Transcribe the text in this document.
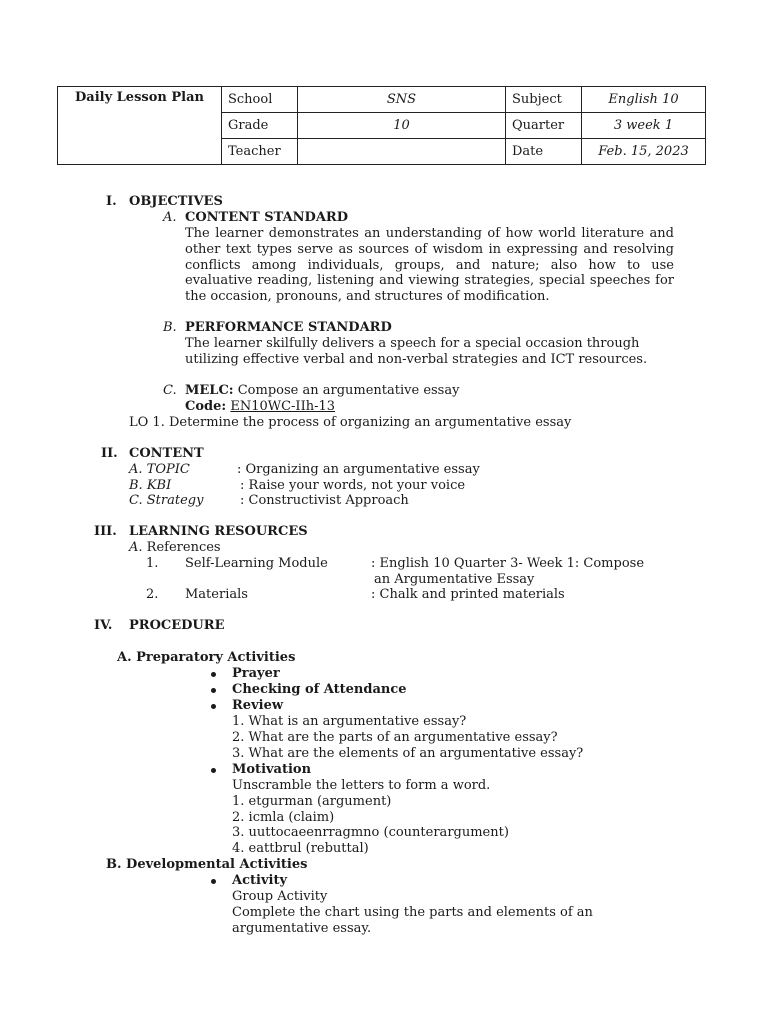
Daily Lesson Plan	School	SNS	Subject	English 10
	Grade	10	Quarter	3 week 1
	Teacher		Date	Feb. 15, 2023
I. OBJECTIVES
A. CONTENT STANDARD
The learner demonstrates an understanding of how world literature and other text types serve as sources of wisdom in expressing and resolving conflicts among individuals, groups, and nature; also how to use evaluative reading, listening and viewing strategies, special speeches for the occasion, pronouns, and structures of modification.
B. PERFORMANCE STANDARD
The learner skilfully delivers a speech for a special occasion through utilizing effective verbal and non-verbal strategies and ICT resources.
C. MELC: Compose an argumentative essay
Code: EN10WC-IIh-13
LO 1. Determine the process of organizing an argumentative essay
II. CONTENT
A. TOPIC	: Organizing an argumentative essay
B. KBI	: Raise your words, not your voice
C. Strategy	: Constructivist Approach
III. LEARNING RESOURCES
A. References
1. Self-Learning Module	: English 10 Quarter 3- Week 1: Compose
an Argumentative Essay
2. Materials	: Chalk and printed materials
IV. PROCEDURE
A. Preparatory Activities
Prayer
Checking of Attendance
Review
1. What is an argumentative essay?
2. What are the parts of an argumentative essay?
3. What are the elements of an argumentative essay?
Motivation
Unscramble the letters to form a word.
1. etgurman (argument)
2. icmla (claim)
3. uuttocaeenrragmno (counterargument)
4. eattbrul (rebuttal)
B. Developmental Activities
Activity
Group Activity
Complete the chart using the parts and elements of an
argumentative essay.
